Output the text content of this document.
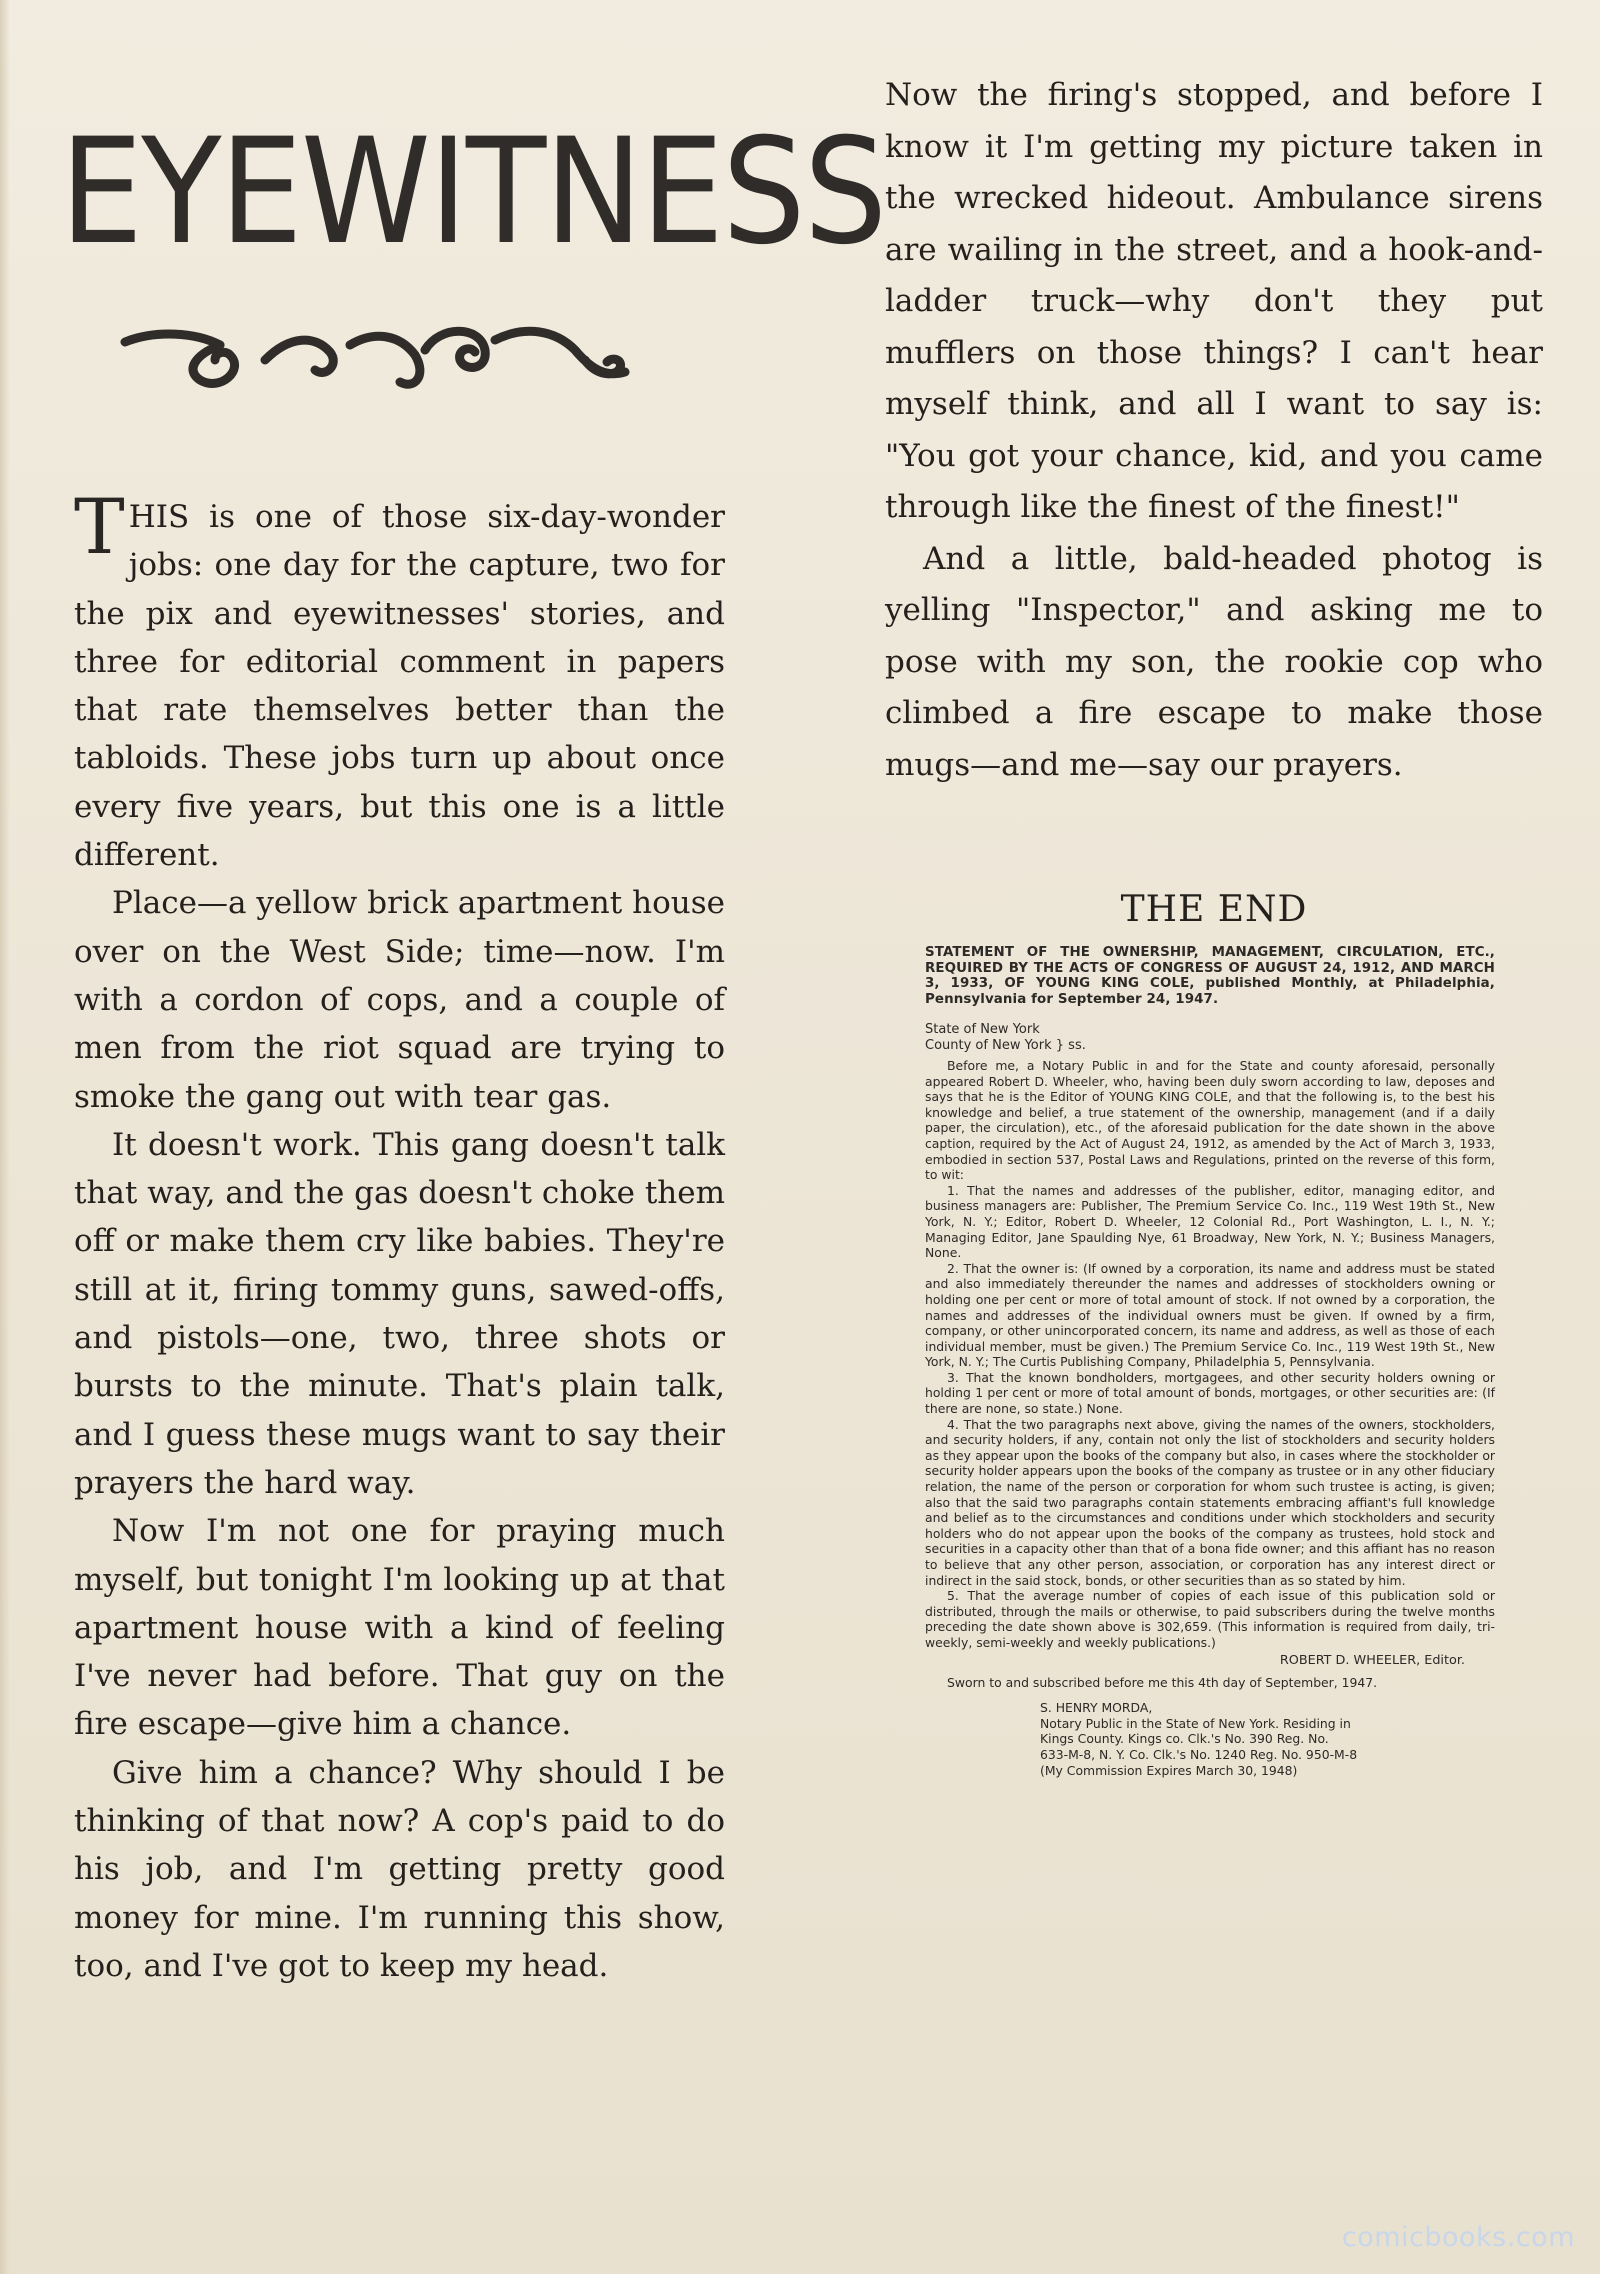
EYEWITNESS

THIS is one of those six-day-wonder jobs: one day for the capture, two for the pix and eyewitnesses' stories, and three for editorial comment in papers that rate themselves better than the tabloids. These jobs turn up about once every five years, but this one is a little different.

Place—a yellow brick apartment house over on the West Side; time—now. I'm with a cordon of cops, and a couple of men from the riot squad are trying to smoke the gang out with tear gas.

It doesn't work. This gang doesn't talk that way, and the gas doesn't choke them off or make them cry like babies. They're still at it, firing tommy guns, sawed-offs, and pistols—one, two, three shots or bursts to the minute. That's plain talk, and I guess these mugs want to say their prayers the hard way.

Now I'm not one for praying much myself, but tonight I'm looking up at that apartment house with a kind of feeling I've never had before. That guy on the fire escape—give him a chance.

Give him a chance? Why should I be thinking of that now? A cop's paid to do his job, and I'm getting pretty good money for mine. I'm running this show, too, and I've got to keep my head.

Now the firing's stopped, and before I know it I'm getting my picture taken in the wrecked hideout. Ambulance sirens are wailing in the street, and a hook-and-ladder truck—why don't they put mufflers on those things? I can't hear myself think, and all I want to say is: "You got your chance, kid, and you came through like the finest of the finest!"

And a little, bald-headed photog is yelling "Inspector," and asking me to pose with my son, the rookie cop who climbed a fire escape to make those mugs—and me—say our prayers.

THE END
STATEMENT OF THE OWNERSHIP, MANAGEMENT, CIRCULATION, ETC., REQUIRED BY THE ACTS OF CONGRESS OF AUGUST 24, 1912, AND MARCH 3, 1933, OF YOUNG KING COLE, published Monthly, at Philadelphia, Pennsylvania for September 24, 1947.
State of New York
County of New York } ss.

Before me, a Notary Public in and for the State and county aforesaid, personally appeared Robert D. Wheeler, who, having been duly sworn according to law, deposes and says that he is the Editor of YOUNG KING COLE, and that the following is, to the best his knowledge and belief, a true statement of the ownership, management (and if a daily paper, the circulation), etc., of the aforesaid publication for the date shown in the above caption, required by the Act of August 24, 1912, as amended by the Act of March 3, 1933, embodied in section 537, Postal Laws and Regulations, printed on the reverse of this form, to wit:

1. That the names and addresses of the publisher, editor, managing editor, and business managers are: Publisher, The Premium Service Co. Inc., 119 West 19th St., New York, N. Y.; Editor, Robert D. Wheeler, 12 Colonial Rd., Port Washington, L. I., N. Y.; Managing Editor, Jane Spaulding Nye, 61 Broadway, New York, N. Y.; Business Managers, None.

2. That the owner is: (If owned by a corporation, its name and address must be stated and also immediately thereunder the names and addresses of stockholders owning or holding one per cent or more of total amount of stock. If not owned by a corporation, the names and addresses of the individual owners must be given. If owned by a firm, company, or other unincorporated concern, its name and address, as well as those of each individual member, must be given.) The Premium Service Co. Inc., 119 West 19th St., New York, N. Y.; The Curtis Publishing Company, Philadelphia 5, Pennsylvania.

3. That the known bondholders, mortgagees, and other security holders owning or holding 1 per cent or more of total amount of bonds, mortgages, or other securities are: (If there are none, so state.) None.

4. That the two paragraphs next above, giving the names of the owners, stockholders, and security holders, if any, contain not only the list of stockholders and security holders as they appear upon the books of the company but also, in cases where the stockholder or security holder appears upon the books of the company as trustee or in any other fiduciary relation, the name of the person or corporation for whom such trustee is acting, is given; also that the said two paragraphs contain statements embracing affiant's full knowledge and belief as to the circumstances and conditions under which stockholders and security holders who do not appear upon the books of the company as trustees, hold stock and securities in a capacity other than that of a bona fide owner; and this affiant has no reason to believe that any other person, association, or corporation has any interest direct or indirect in the said stock, bonds, or other securities than as so stated by him.

5. That the average number of copies of each issue of this publication sold or distributed, through the mails or otherwise, to paid subscribers during the twelve months preceding the date shown above is 302,659. (This information is required from daily, tri-weekly, semi-weekly and weekly publications.)

ROBERT D. WHEELER, Editor.
Sworn to and subscribed before me this 4th day of September, 1947.
S. HENRY MORDA,
Notary Public in the State of New York. Residing in
Kings County. Kings co. Clk.'s No. 390 Reg. No.
633-M-8, N. Y. Co. Clk.'s No. 1240 Reg. No. 950-M-8
(My Commission Expires March 30, 1948)
comicbooks.com
